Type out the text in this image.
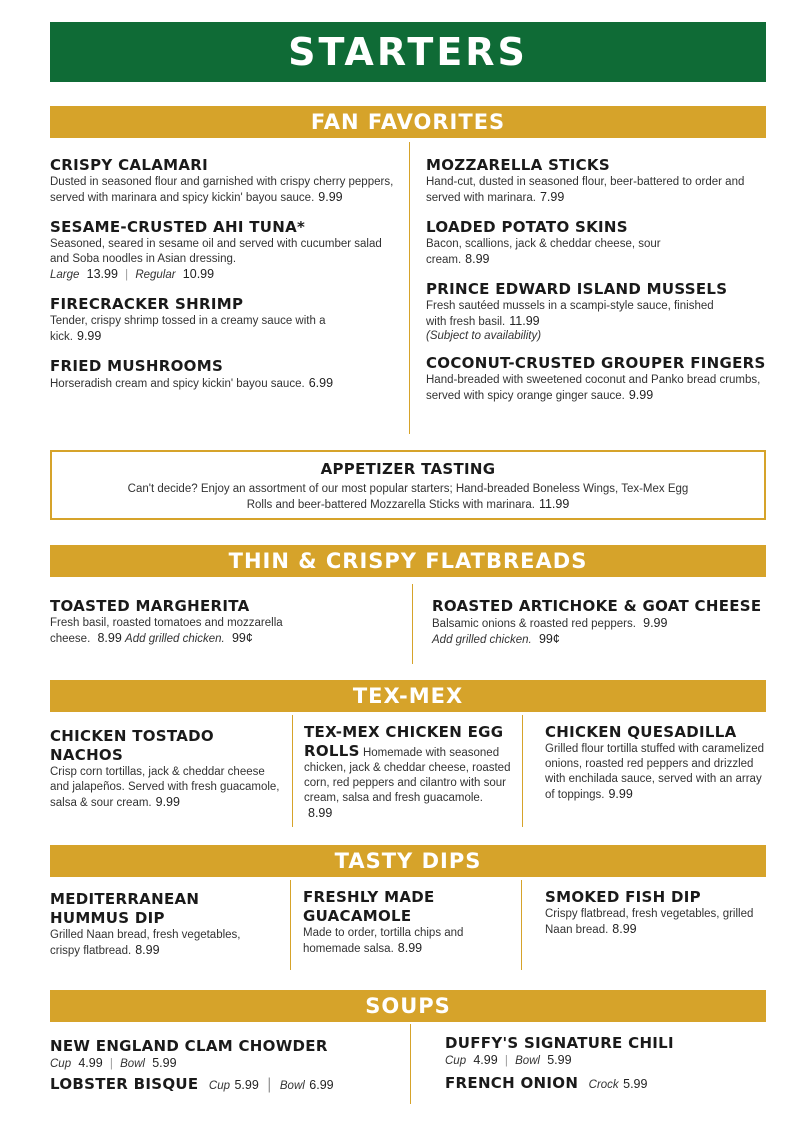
STARTERS
FAN FAVORITES
CRISPY CALAMARI
Dusted in seasoned flour and garnished with crispy cherry peppers, served with marinara and spicy kickin' bayou sauce. 9.99
SESAME-CRUSTED AHI TUNA*
Seasoned, seared in sesame oil and served with cucumber salad and Soba noodles in Asian dressing.
Large 13.99 | Regular 10.99
FIRECRACKER SHRIMP
Tender, crispy shrimp tossed in a creamy sauce with a kick. 9.99
FRIED MUSHROOMS
Horseradish cream and spicy kickin' bayou sauce. 6.99
MOZZARELLA STICKS
Hand-cut, dusted in seasoned flour, beer-battered to order and served with marinara. 7.99
LOADED POTATO SKINS
Bacon, scallions, jack & cheddar cheese, sour cream. 8.99
PRINCE EDWARD ISLAND MUSSELS
Fresh sautéed mussels in a scampi-style sauce, finished with fresh basil. 11.99
(Subject to availability)
COCONUT-CRUSTED GROUPER FINGERS
Hand-breaded with sweetened coconut and Panko bread crumbs, served with spicy orange ginger sauce. 9.99
APPETIZER TASTING
Can't decide? Enjoy an assortment of our most popular starters; Hand-breaded Boneless Wings, Tex-Mex Egg Rolls and beer-battered Mozzarella Sticks with marinara. 11.99
THIN & CRISPY FLATBREADS
TOASTED MARGHERITA
Fresh basil, roasted tomatoes and mozzarella cheese. 8.99 Add grilled chicken. 99¢
ROASTED ARTICHOKE & GOAT CHEESE
Balsamic onions & roasted red peppers. 9.99
Add grilled chicken. 99¢
TEX-MEX
CHICKEN TOSTADO NACHOS
Crisp corn tortillas, jack & cheddar cheese and jalapeños. Served with fresh guacamole, salsa & sour cream. 9.99
TEX-MEX CHICKEN EGG ROLLS Homemade with seasoned chicken, jack & cheddar cheese, roasted corn, red peppers and cilantro with sour cream, salsa and fresh guacamole. 8.99
CHICKEN QUESADILLA
Grilled flour tortilla stuffed with caramelized onions, roasted red peppers and drizzled with enchilada sauce, served with an array of toppings. 9.99
TASTY DIPS
MEDITERRANEAN HUMMUS DIP
Grilled Naan bread, fresh vegetables, crispy flatbread. 8.99
FRESHLY MADE GUACAMOLE
Made to order, tortilla chips and homemade salsa. 8.99
SMOKED FISH DIP
Crispy flatbread, fresh vegetables, grilled Naan bread. 8.99
SOUPS
NEW ENGLAND CLAM CHOWDER
Cup 4.99 | Bowl 5.99
LOBSTER BISQUE Cup 5.99 | Bowl 6.99
DUFFY'S SIGNATURE CHILI
Cup 4.99 | Bowl 5.99
FRENCH ONION Crock 5.99
